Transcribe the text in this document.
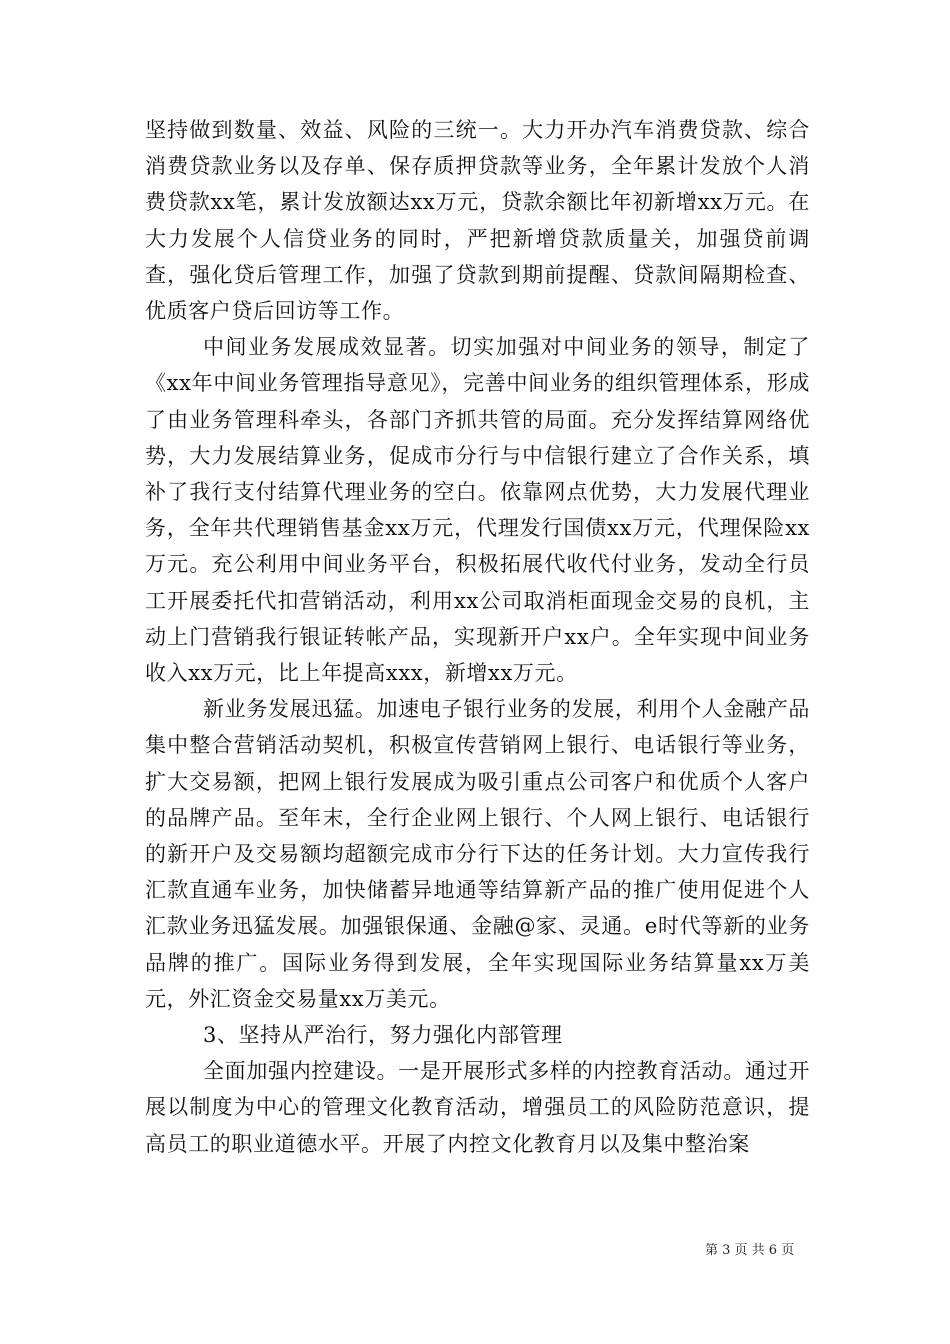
坚持做到数量、效益、风险的三统一。大力开办汽车消费贷款、综合消费贷款业务以及存单、保存质押贷款等业务，全年累计发放个人消费贷款xx笔，累计发放额达xx万元，贷款余额比年初新增xx万元。在大力发展个人信贷业务的同时，严把新增贷款质量关，加强贷前调查，强化贷后管理工作，加强了贷款到期前提醒、贷款间隔期检查、优质客户贷后回访等工作。

中间业务发展成效显著。切实加强对中间业务的领导，制定了《xx年中间业务管理指导意见》，完善中间业务的组织管理体系，形成了由业务管理科牵头，各部门齐抓共管的局面。充分发挥结算网络优势，大力发展结算业务，促成市分行与中信银行建立了合作关系，填补了我行支付结算代理业务的空白。依靠网点优势，大力发展代理业务，全年共代理销售基金xx万元，代理发行国债xx万元，代理保险xx万元。充公利用中间业务平台，积极拓展代收代付业务，发动全行员工开展委托代扣营销活动，利用xx公司取消柜面现金交易的良机，主动上门营销我行银证转帐产品，实现新开户xx户。全年实现中间业务收入xx万元，比上年提高xxx，新增xx万元。

新业务发展迅猛。加速电子银行业务的发展，利用个人金融产品集中整合营销活动契机，积极宣传营销网上银行、电话银行等业务，扩大交易额，把网上银行发展成为吸引重点公司客户和优质个人客户的品牌产品。至年末，全行企业网上银行、个人网上银行、电话银行的新开户及交易额均超额完成市分行下达的任务计划。大力宣传我行汇款直通车业务，加快储蓄异地通等结算新产品的推广使用促进个人汇款业务迅猛发展。加强银保通、金融@家、灵通。e时代等新的业务品牌的推广。国际业务得到发展，全年实现国际业务结算量xx万美元，外汇资金交易量xx万美元。

3、坚持从严治行，努力强化内部管理

全面加强内控建设。一是开展形式多样的内控教育活动。通过开展以制度为中心的管理文化教育活动，增强员工的风险防范意识，提高员工的职业道德水平。开展了内控文化教育月以及集中整治案

第 3 页 共 6 页
